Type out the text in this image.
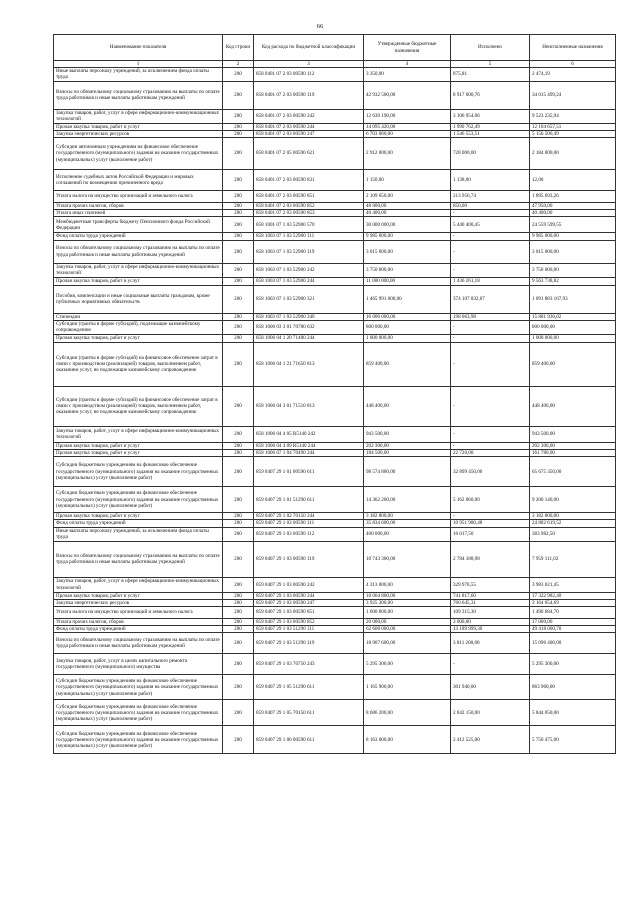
66
Наименование показателя	Код строки	Код расхода по бюджетной классификации	Утвержденные бюджетные назначения	Исполнено	Неисполненные назначения
1	2	3	4	5	6
Иные выплаты персоналу учреждений, за исключением фонда оплаты труда	200	858 0401 07 2 03 00590 112	3 350,00	875,81	2 474,19
Взносы по обязательному социальному страхованию на выплаты по оплате труда работников и иные выплаты работникам учреждений	200	858 0401 07 2 03 00590 119	42 932 500,00	8 917 000,76	34 015 499,24
Закупка товаров, работ, услуг в сфере информационно-коммуникационных технологий	200	858 0401 07 2 03 00590 242	12 630 190,00	3 106 954,06	9 523 235,94
Прочая закупка товаров, работ и услуг	200	858 0401 07 2 03 00590 244	14 095 420,00	1 990 762,49	12 104 657,51
Закупка энергетических ресурсов	200	858 0401 07 2 03 00590 247	6 703 060,00	1 546 553,51	5 156 506,49
Субсидии автономным учреждениям на финансовое обеспечение государственного (муниципального) задания на оказание государственных (муниципальных) услуг (выполнение работ)	200	858 0401 07 2 05 00590 621	2 912 000,00	728 000,00	2 184 000,00
Исполнение судебных актов Российской Федерации и мировых соглашений по возмещению причиненного вреда	200	858 0401 07 2 03 00590 831	1 150,00	1 138,00	12,00
Уплата налога на имущество организаций и земельного налога	200	858 0401 07 2 03 00590 851	2 109 650,00	213 956,74	1 895 693,26
Уплата прочих налогов, сборов	200	858 0401 07 2 03 00590 852	48 800,00	850,00	47 950,00
Уплата иных платежей	200	858 0401 07 2 03 00590 853	40 400,00	-	40 400,00
Межбюджетные трансферты бюджету Пенсионного фонда Российской Федерации	200	858 1001 07 1 03 52900 570	30 000 000,00	5 440 400,45	24 559 599,55
Фонд оплаты труда учреждений	200	858 1003 07 1 03 52900 111	9 985 000,00	-	9 985 000,00
Взносы по обязательному социальному страхованию на выплаты по оплате труда работников и иные выплаты работникам учреждений	200	858 1003 07 1 03 52900 119	3 015 000,00	-	3 015 000,00
Закупка товаров, работ, услуг в сфере информационно-коммуникационных технологий	200	858 1003 07 1 03 52900 242	3 750 000,00	-	3 750 000,00
Прочая закупка товаров, работ и услуг	200	858 1003 07 1 03 52900 244	11 000 000,00	1 436 261,18	9 563 738,82
Пособия, компенсации и иные социальные выплаты гражданам, кроме публичных нормативных обязательств	200	858 1003 07 1 03 52900 321	1 465 991 000,00	374 107 832,07	1 091 883 167,93
Стипендии	200	858 1003 07 1 03 52900 340	16 000 000,00	198 063,98	15 801 936,02
Субсидии (гранты в форме субсидий), подлежащие казначейскому сопровождению	200	858 1006 03 3 01 70780 632	800 000,00	-	800 000,00
Прочая закупка товаров, работ и услуг	200	858 1006 04 1 20 71480 244	1 000 000,00	-	1 000 000,00
Субсидии (гранты в форме субсидий) на финансовое обеспечение затрат в связи с производством (реализацией) товаров, выполнением работ, оказанием услуг, не подлежащие казначейскому сопровождению	200	858 1006 04 1 21 71650 813	859 400,00	-	859 400,00
Субсидии (гранты в форме субсидий) на финансовое обеспечение затрат в связи с производством (реализацией) товаров, выполнением работ, оказанием услуг, не подлежащие казначейскому сопровождению	200	858 1006 04 3 01 71510 813	448 400,00	-	448 400,00
Закупка товаров, работ, услуг в сфере информационно-коммуникационных технологий	200	858 1006 04 4 05 R5140 242	943 500,00	-	943 500,00
Прочая закупка товаров, работ и услуг	200	858 1006 04 4 09 R5140 244	202 300,00	-	202 300,00
Прочая закупка товаров, работ и услуг	200	858 1006 07 1 04 70490 244	184 500,00	22 720,00	161 780,00
Субсидии бюджетным учреждениям на финансовое обеспечение государственного (муниципального) задания на оказание государственных (муниципальных) услуг (выполнение работ)	200	859 0407 29 1 01 00590 611	98 574 800,00	32 899 450,00	65 675 350,00
Субсидии бюджетным учреждениям на финансовое обеспечение государственного (муниципального) задания на оказание государственных (муниципальных) услуг (выполнение работ)	200	859 0407 29 1 01 51290 611	14 362 200,00	5 162 060,00	9 200 140,00
Прочая закупка товаров, работ и услуг	200	859 0407 29 1 02 70150 244	3 182 800,00	-	3 182 800,00
Фонд оплаты труда учреждений	200	859 0407 29 1 03 00590 111	35 834 600,00	10 951 980,48	24 882 619,52
Иные выплаты персоналу учреждений, за исключением фонда оплаты труда	200	859 0407 29 1 03 00590 112	400 000,00	16 017,50	383 982,50
Взносы по обязательному социальному страхованию на выплаты по оплате труда работников и иные выплаты работникам учреждений	200	859 0407 29 1 03 00590 119	10 743 300,00	2 784 188,98	7 959 111,02
Закупка товаров, работ, услуг в сфере информационно-коммуникационных технологий	200	859 0407 29 1 03 00590 242	4 313 000,00	329 978,55	3 983 021,45
Прочая закупка товаров, работ и услуг	200	859 0407 29 1 03 00590 244	18 064 800,00	741 817,60	17 322 982,40
Закупка энергетических ресурсов	200	859 0407 29 1 03 00590 247	3 925 300,00	760 645,31	3 164 654,69
Уплата налога на имущество организаций и земельного налога	200	859 0407 29 1 03 00590 851	1 600 000,00	109 315,30	1 490 684,70
Уплата прочих налогов, сборов	200	859 0407 29 1 03 00590 852	20 000,00	3 000,00	17 000,00
Фонд оплаты труда учреждений	200	859 0407 29 1 03 51290 111	62 608 000,00	13 189 999,30	49 418 000,70
Взносы по обязательному социальному страхованию на выплаты по оплате труда работников и иные выплаты работникам учреждений	200	859 0407 29 1 03 51290 119	18 907 600,00	3 811 200,00	15 096 400,00
Закупка товаров, работ, услуг в целях капитального ремонта государственного (муниципального) имущества	200	859 0407 29 1 03 70750 243	5 295 300,00	-	5 295 300,00
Субсидии бюджетным учреждениям на финансовое обеспечение государственного (муниципального) задания на оказание государственных (муниципальных) услуг (выполнение работ)	200	859 0407 29 1 05 51290 611	1 165 900,00	301 940,00	863 960,00
Субсидии бюджетным учреждениям на финансовое обеспечение государственного (муниципального) задания на оказание государственных (муниципальных) услуг (выполнение работ)	200	859 0407 29 1 05 70150 611	8 686 200,00	2 842 150,00	5 844 050,00
Субсидии бюджетным учреждениям на финансовое обеспечение государственного (муниципального) задания на оказание государственных (муниципальных) услуг (выполнение работ)	200	859 0407 29 1 06 00590 611	8 163 000,00	2 412 525,00	5 750 475,00
